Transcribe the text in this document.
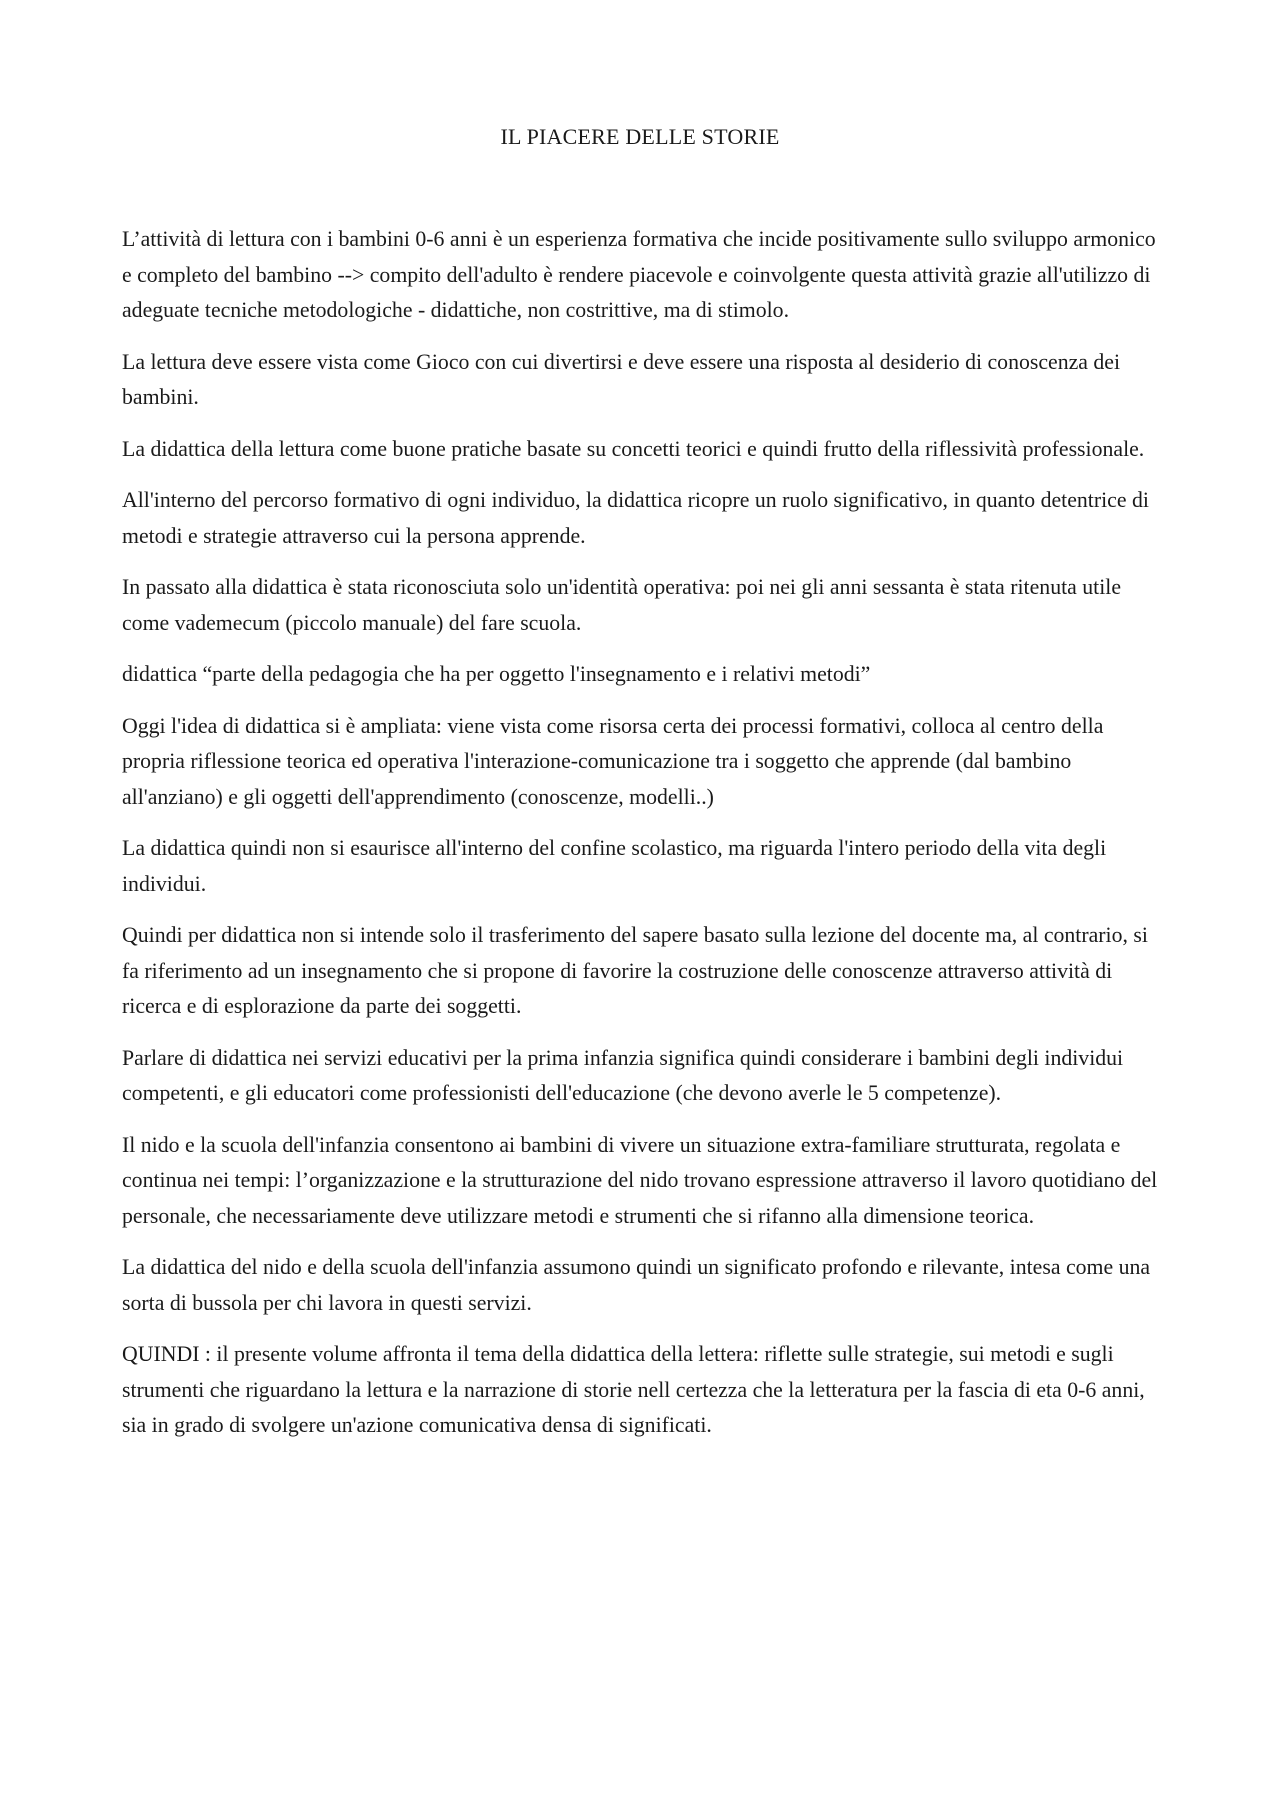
IL PIACERE DELLE STORIE

L’attività di lettura con i bambini 0-6 anni è un esperienza formativa che incide positivamente sullo sviluppo armonico e completo del bambino --> compito dell'adulto è rendere piacevole e coinvolgente questa attività grazie all'utilizzo di adeguate tecniche metodologiche - didattiche, non costrittive, ma di stimolo.

La lettura deve essere vista come Gioco con cui divertirsi e deve essere una risposta al desiderio di conoscenza dei bambini.

La didattica della lettura come buone pratiche basate su concetti teorici e quindi frutto della riflessività professionale.

All'interno del percorso formativo di ogni individuo, la didattica ricopre un ruolo significativo, in quanto detentrice di metodi e strategie attraverso cui la persona apprende.

In passato alla didattica è stata riconosciuta solo un'identità operativa: poi nei gli anni sessanta è stata ritenuta utile come vademecum (piccolo manuale) del fare scuola.

didattica “parte della pedagogia che ha per oggetto l'insegnamento e i relativi metodi”

Oggi l'idea di didattica si è ampliata: viene vista come risorsa certa dei processi formativi, colloca al centro della propria riflessione teorica ed operativa l'interazione-comunicazione tra i soggetto che apprende (dal bambino all'anziano) e gli oggetti dell'apprendimento (conoscenze, modelli..)

La didattica quindi non si esaurisce all'interno del confine scolastico, ma riguarda l'intero periodo della vita degli individui.

Quindi per didattica non si intende solo il trasferimento del sapere basato sulla lezione del docente ma, al contrario, si fa riferimento ad un insegnamento che si propone di favorire la costruzione delle conoscenze attraverso attività di ricerca e di esplorazione da parte dei soggetti.

Parlare di didattica nei servizi educativi per la prima infanzia significa quindi considerare i bambini degli individui competenti, e gli educatori come professionisti dell'educazione (che devono averle le 5 competenze).

Il nido e la scuola dell'infanzia consentono ai bambini di vivere un situazione extra-familiare strutturata, regolata e continua nei tempi: l’organizzazione e la strutturazione del nido trovano espressione attraverso il lavoro quotidiano del personale, che necessariamente deve utilizzare metodi e strumenti che si rifanno alla dimensione teorica.

La didattica del nido e della scuola dell'infanzia assumono quindi un significato profondo e rilevante, intesa come una sorta di bussola per chi lavora in questi servizi.

QUINDI : il presente volume affronta il tema della didattica della lettera: riflette sulle strategie, sui metodi e sugli strumenti che riguardano la lettura e la narrazione di storie nell certezza che la letteratura per la fascia di eta 0-6 anni, sia in grado di svolgere un'azione comunicativa densa di significati.
